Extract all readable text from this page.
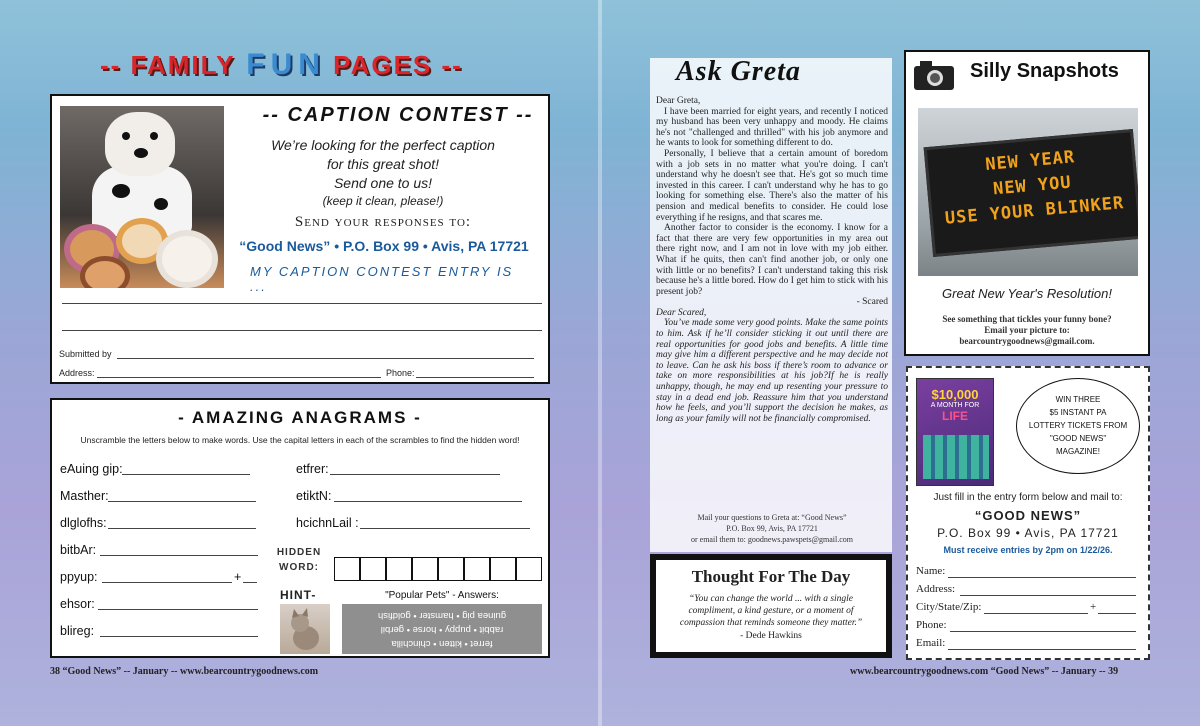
-- FAMILY F U N PAGES --
-- CAPTION CONTEST --
We’re looking for the perfect caption
for this great shot!
Send one to us!
(keep it clean, please!)
Send your responses to:
“Good News” • P.O. Box 99 • Avis, PA 17721
MY CAPTION CONTEST ENTRY IS ...
Submitted by
Address:	Phone:
- AMAZING ANAGRAMS -
Unscramble the letters below to make words. Use the capital letters in each of the scrambles to find the hidden word!
eAuing gip:
Masther:
dlglofhs:
bitbAr:
ppyup:	+
ehsor:
blireg:
etfrer:
etiktN:
hcichnLail :
HIDDEN WORD:
HINT-	"Popular Pets" - Answers:
ferret • kitten • chinchilla
rabbit • puppy • horse • gerbil
guinea pig • hamster • goldfish
38 “Good News” -- January -- www.bearcountrygoodnews.com
Ask Greta
Dear Greta,

I have been married for eight years, and recently I noticed my husband has been very unhappy and moody. He claims he's not "challenged and thrilled" with his job anymore and he wants to look for something different to do.

Personally, I believe that a certain amount of boredom with a job sets in no matter what you're doing. I can't understand why he doesn't see that. He's got so much time invested in this career. I can't understand why he has to go looking for something else. There's also the matter of his pension and medical benefits to consider. He could lose everything if he resigns, and that scares me.

Another factor to consider is the economy. I know for a fact that there are very few opportunities in my area out there right now, and I am not in love with my job either. What if he quits, then can't find another job, or only one with little or no benefits? I can't understand taking this risk because he's a little bored. How do I get him to stick with his present job?

- Scared
Dear Scared,

You’ve made some very good points. Make the same points to him. Ask if he’ll consider sticking it out until there are real opportunities for good jobs and benefits. A little time may give him a different perspective and he may decide not to leave. Can he ask his boss if there’s room to advance or take on more responsibilities at his job?If he is really unhappy, though, he may end up resenting your pressure to stay in a dead end job. Reassure him that you understand how he feels, and you’ll support the decision he makes, as long as your family will not be financially compromised.

Mail your questions to Greta at: “Good News”
P.O. Box 99, Avis, PA 17721
or email them to: goodnews.pawspets@gmail.com
Thought For The Day
“You can change the world ... with a single compliment, a kind gesture, or a moment of compassion that reminds someone they matter.”
- Dede Hawkins
Silly Snapshots
NEW YEAR
NEW YOU
USE YOUR BLINKER
Great New Year's Resolution!
See something that tickles your funny bone?
Email your picture to:
bearcountrygoodnews@gmail.com.
$10,000
A MONTH FOR
LIFE
WIN THREE
$5 INSTANT PA
LOTTERY TICKETS FROM
"GOOD NEWS"
MAGAZINE!
Just fill in the entry form below and mail to:
“GOOD NEWS”
P.O. Box 99 • Avis, PA 17721
Must receive entries by 2pm on 1/22/26.
Name:
Address:
City/State/Zip:	+
Phone:
Email:
www.bearcountrygoodnews.com “Good News” -- January -- 39
